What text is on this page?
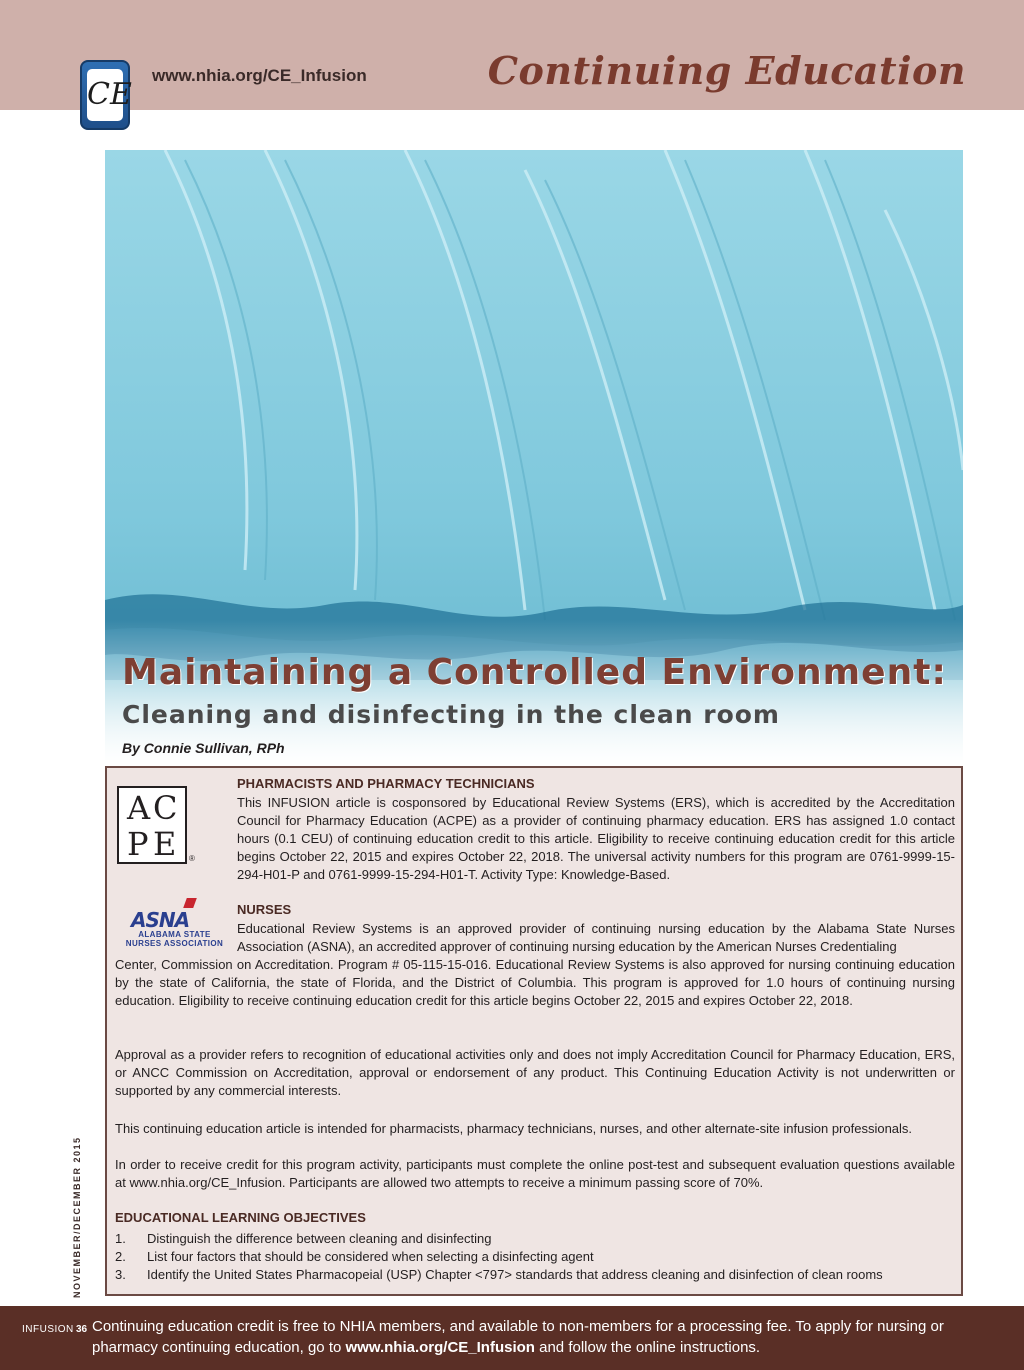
CE
www.nhia.org/CE_Infusion	Continuing Education
Maintaining a Controlled Environment:
Cleaning and disinfecting in the clean room
By Connie Sullivan, RPh
A C
P E ®
PHARMACISTS AND PHARMACY TECHNICIANS
This INFUSION article is cosponsored by Educational Review Systems (ERS), which is accredited by the Accreditation Council for Pharmacy Education (ACPE) as a provider of continuing pharmacy education. ERS has assigned 1.0 contact hours (0.1 CEU) of continuing education credit to this article. Eligibility to receive continuing education credit for this article begins October 22, 2015 and expires October 22, 2018. The universal activity numbers for this program are 0761-9999-15-294-H01-P and 0761-9999-15-294-H01-T. Activity Type: Knowledge-Based.
ASNA
ALABAMA STATE
NURSES ASSOCIATION
NURSES
Educational Review Systems is an approved provider of continuing nursing education by the Alabama State Nurses Association (ASNA), an accredited approver of continuing nursing education by the American Nurses Credentialing
Center, Commission on Accreditation. Program # 05-115-15-016. Educational Review Systems is also approved for nursing continuing education by the state of California, the state of Florida, and the District of Columbia. This program is approved for 1.0 hours of continuing nursing education. Eligibility to receive continuing education credit for this article begins October 22, 2015 and expires October 22, 2018.
Approval as a provider refers to recognition of educational activities only and does not imply Accreditation Council for Pharmacy Education, ERS, or ANCC Commission on Accreditation, approval or endorsement of any product. This Continuing Education Activity is not underwritten or supported by any commercial interests.
This continuing education article is intended for pharmacists, pharmacy technicians, nurses, and other alternate-site infusion professionals.
In order to receive credit for this program activity, participants must complete the online post-test and subsequent evaluation questions available at www.nhia.org/CE_Infusion. Participants are allowed two attempts to receive a minimum passing score of 70%.
EDUCATIONAL LEARNING OBJECTIVES
1.	Distinguish the difference between cleaning and disinfecting
2.	List four factors that should be considered when selecting a disinfecting agent
3.	Identify the United States Pharmacopeial (USP) Chapter <797> standards that address cleaning and disinfection of clean rooms
NOVEMBER/DECEMBER 2015
INFUSION 36 Continuing education credit is free to NHIA members, and available to non-members for a processing fee. To apply for nursing or pharmacy continuing education, go to www.nhia.org/CE_Infusion and follow the online instructions.
